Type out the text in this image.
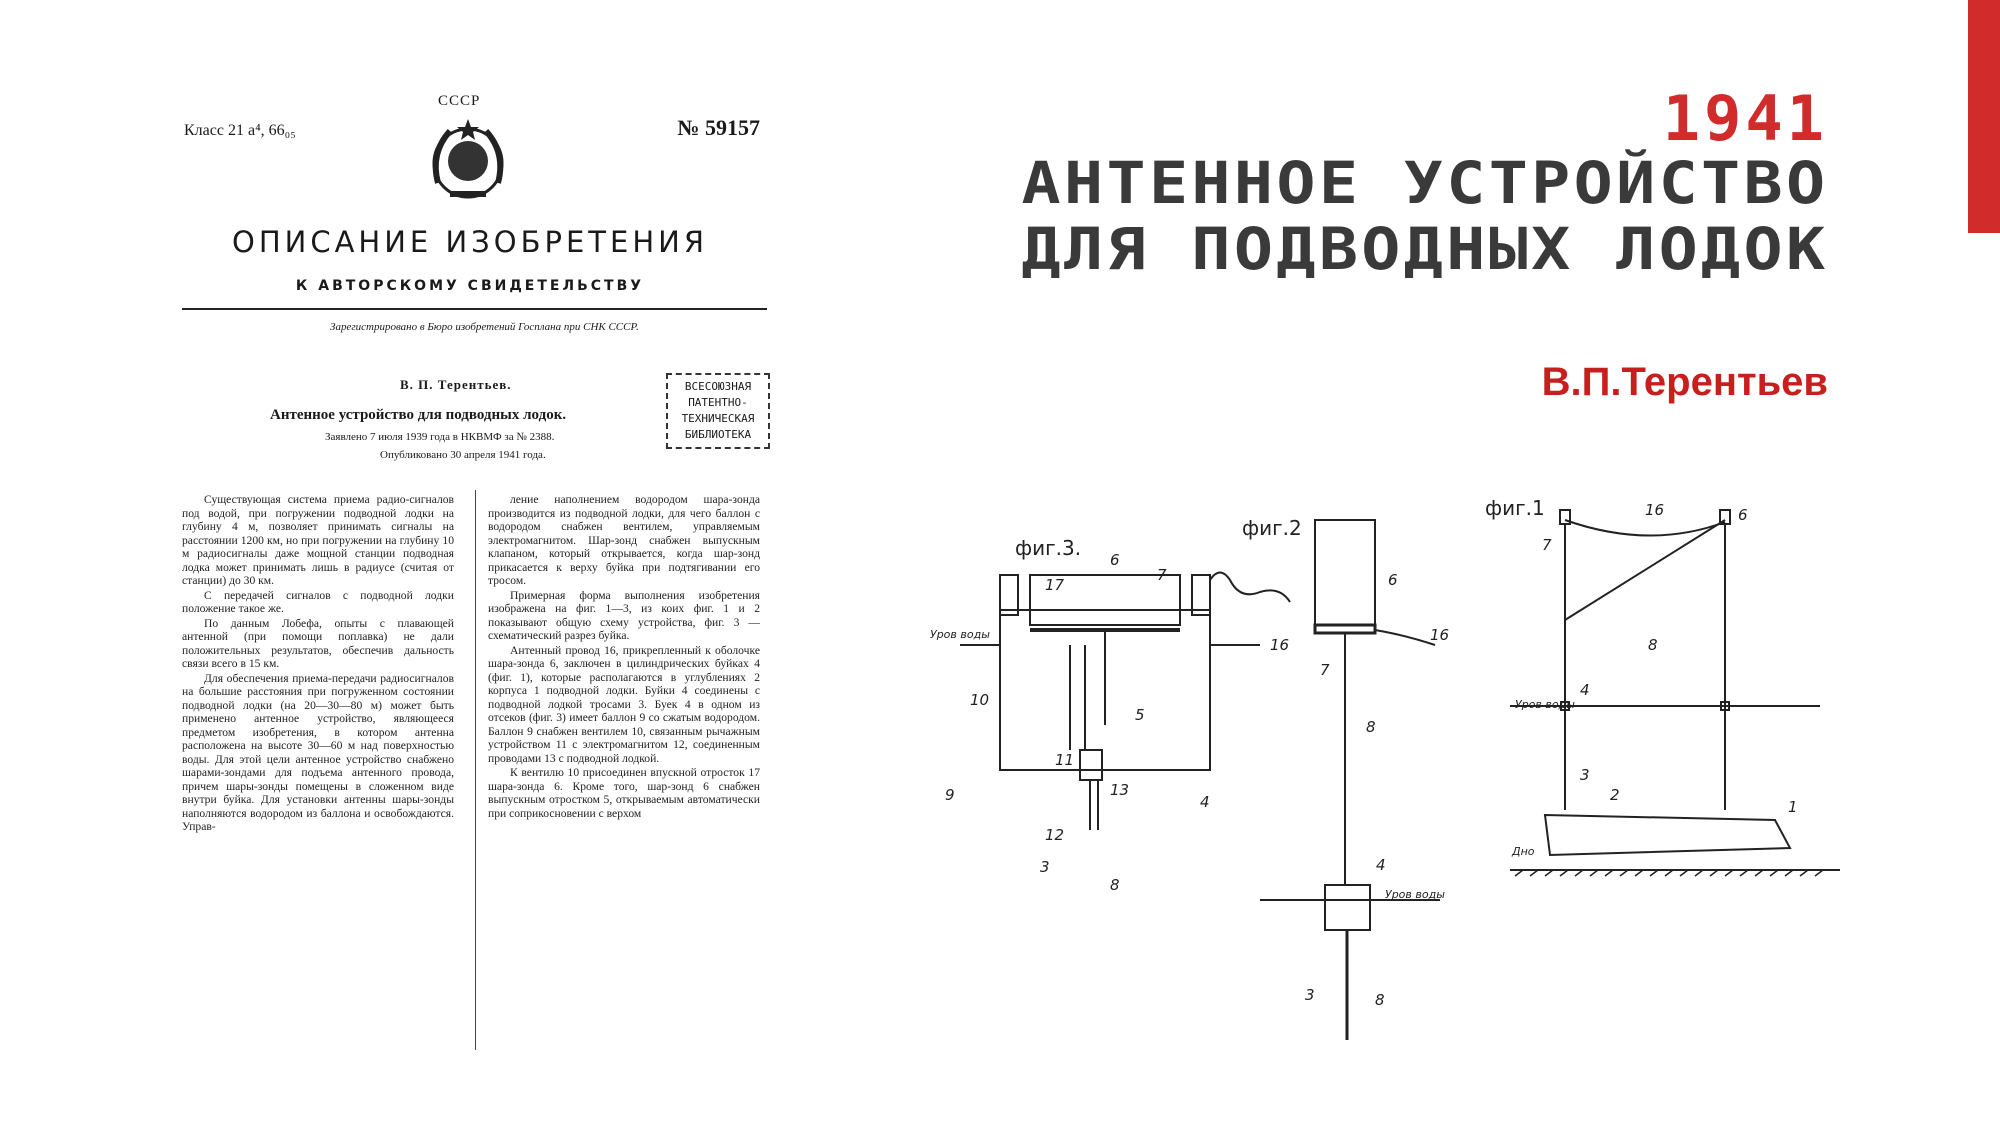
1941
АНТЕННОЕ УСТРОЙСТВО
ДЛЯ ПОДВОДНЫХ ЛОДОК
В.П.Терентьев
СССР
Класс 21 a⁴, 66₀₅	№ 59157
ОПИСАНИЕ ИЗОБРЕТЕНИЯ
К АВТОРСКОМУ СВИДЕТЕЛЬСТВУ
Зарегистрировано в Бюро изобретений Госплана при СНК СССР.
В. П. Терентьев.
Антенное устройство для подводных лодок.
Заявлено 7 июля 1939 года в НКВМФ за № 2388.
Опубликовано 30 апреля 1941 года.
ВСЕСОЮЗНАЯ
ПАТЕНТНО-
ТЕХНИЧЕСКАЯ
БИБЛИОТЕКА

Существующая система приема радио-сигналов под водой, при погружении подводной лодки на глубину 4 м, позволяет принимать сигналы на расстоянии 1200 км, но при погружении на глубину 10 м радиосигналы даже мощной станции подводная лодка может принимать лишь в радиусе (считая от станции) до 30 км.

С передачей сигналов с подводной лодки положение такое же.

По данным Лобефа, опыты с плавающей антенной (при помощи поплавка) не дали положительных результатов, обеспечив дальность связи всего в 15 км.

Для обеспечения приема-передачи радиосигналов на большие расстояния при погруженном состоянии подводной лодки (на 20—30—80 м) может быть применено антенное устройство, являющееся предметом изобретения, в котором антенна расположена на высоте 30—60 м над поверхностью воды. Для этой цели антенное устройство снабжено шарами-зондами для подъема антенного провода, причем шары-зонды помещены в сложенном виде внутри буйка. Для установки антенны шары-зонды наполняются водородом из баллона и освобождаются. Управ-

ление наполнением водородом шара-зонда производится из подводной лодки, для чего баллон с водородом снабжен вентилем, управляемым электромагнитом. Шар-зонд снабжен выпускным клапаном, который открывается, когда шар-зонд прикасается к верху буйка при подтягивании его тросом.

Примерная форма выполнения изобретения изображена на фиг. 1—3, из коих фиг. 1 и 2 показывают общую схему устройства, фиг. 3 — схематический разрез буйка.

Антенный провод 16, прикрепленный к оболочке шара-зонда 6, заключен в цилиндрических буйках 4 (фиг. 1), которые располагаются в углублениях 2 корпуса 1 подводной лодки. Буйки 4 соединены с подводной лодкой тросами 3. Буек 4 в одном из отсеков (фиг. 3) имеет баллон 9 со сжатым водородом. Баллон 9 снабжен вентилем 10, связанным рычажным устройством 11 с электромагнитом 12, соединенным проводами 13 с подводной лодкой.

К вентилю 10 присоединен впускной отросток 17 шара-зонда 6. Кроме того, шар-зонд 6 снабжен выпускным отростком 5, открываемым автоматически при соприкосновении с верхом

фиг.3.
фиг.2
фиг.1
Уров воды
Уров воды
Уров воды
Дно
6
17
7
16
10
5
9
11
13
4
12
3
8
6
16
7
8
4
3	8
7
16	6
8
4
3
2
1
